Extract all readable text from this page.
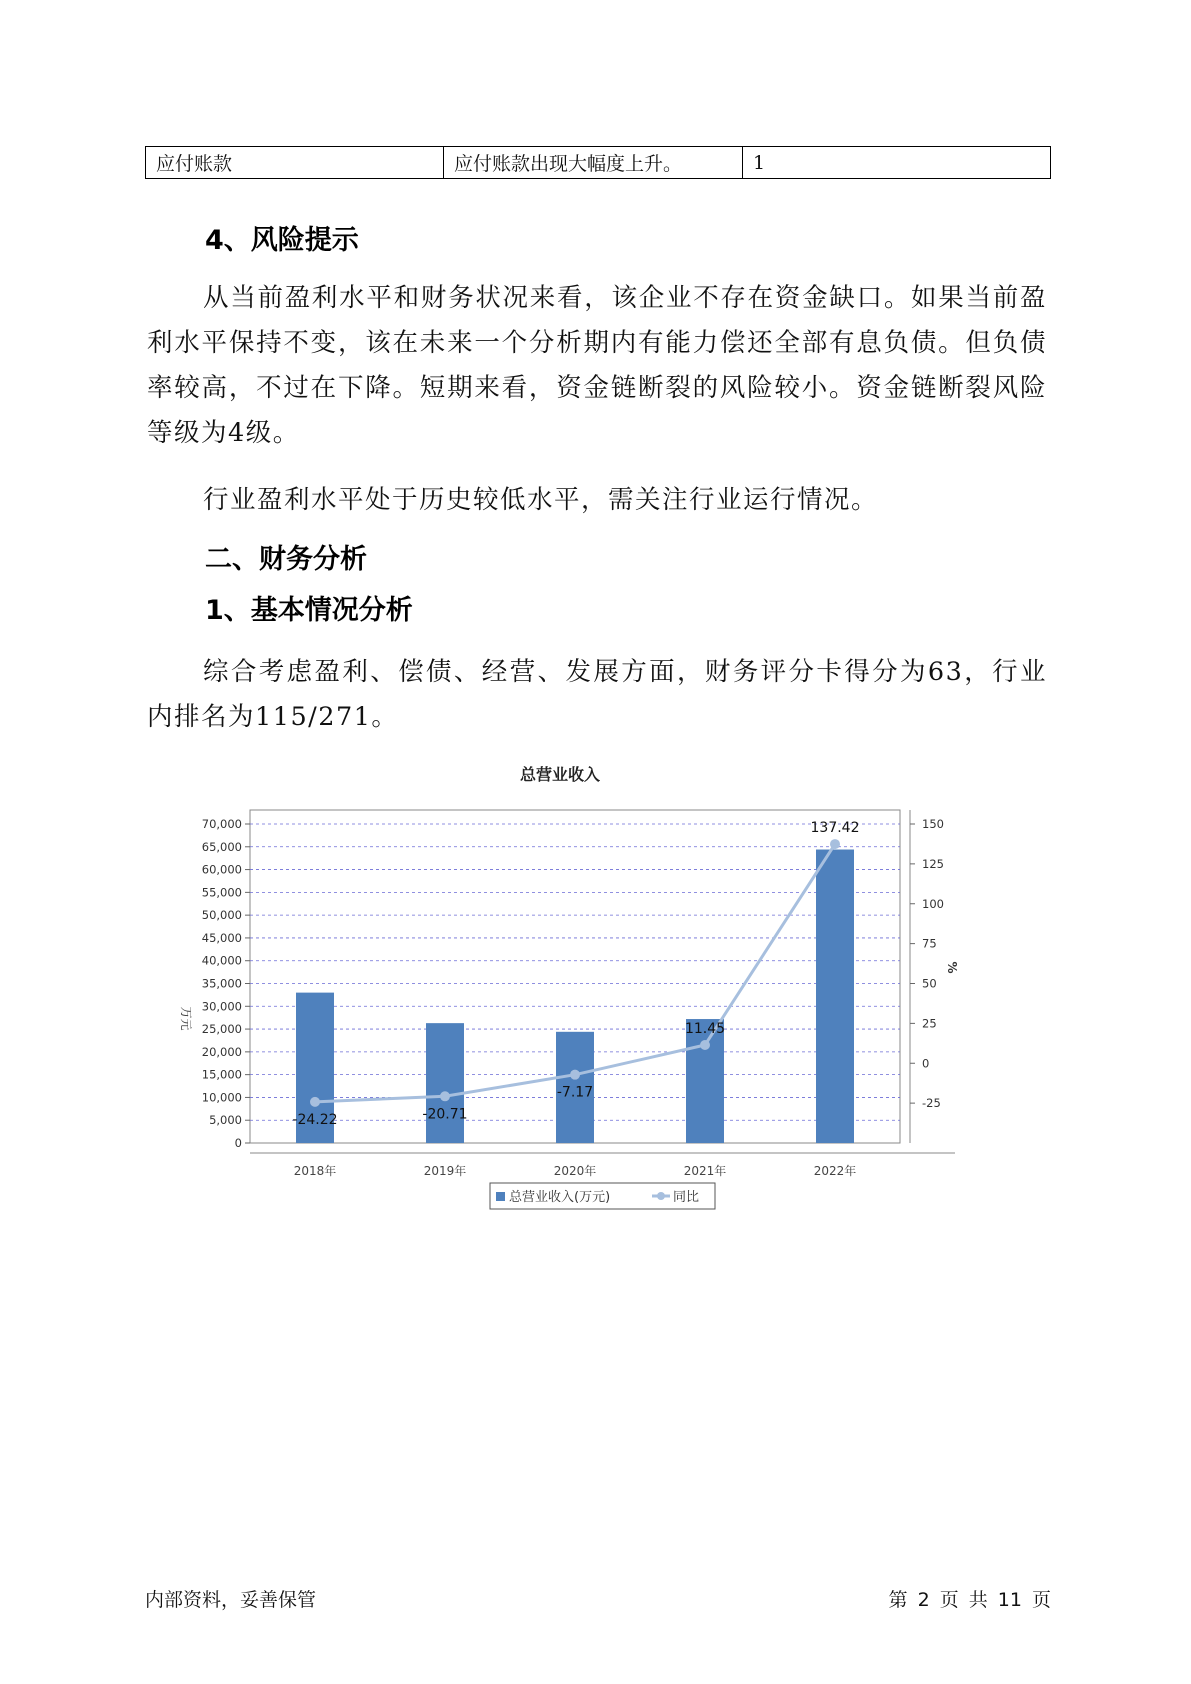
应付账款	应付账款出现大幅度上升。	1
4、风险提示

从当前盈利水平和财务状况来看，该企业不存在资金缺口。如果当前盈利水平保持不变，该在未来一个分析期内有能力偿还全部有息负债。但负债率较高，不过在下降。短期来看，资金链断裂的风险较小。资金链断裂风险等级为4级。

行业盈利水平处于历史较低水平，需关注行业运行情况。

二、财务分析
1、基本情况分析

综合考虑盈利、偿债、经营、发展方面，财务评分卡得分为63，行业内排名为115/271。

总营业收入
0
5,000
10,000
15,000
20,000
25,000
30,000
35,000
40,000
45,000
50,000
55,000
60,000
65,000
70,000
万元
-25
0
25
50
75
100
125
150
%
2018年	2019年	2020年	2021年	2022年
-24.22	-20.71
-7.17
11.45
137.42
总营业收入(万元)	同比
内部资料，妥善保管	第 2 页 共 11 页
